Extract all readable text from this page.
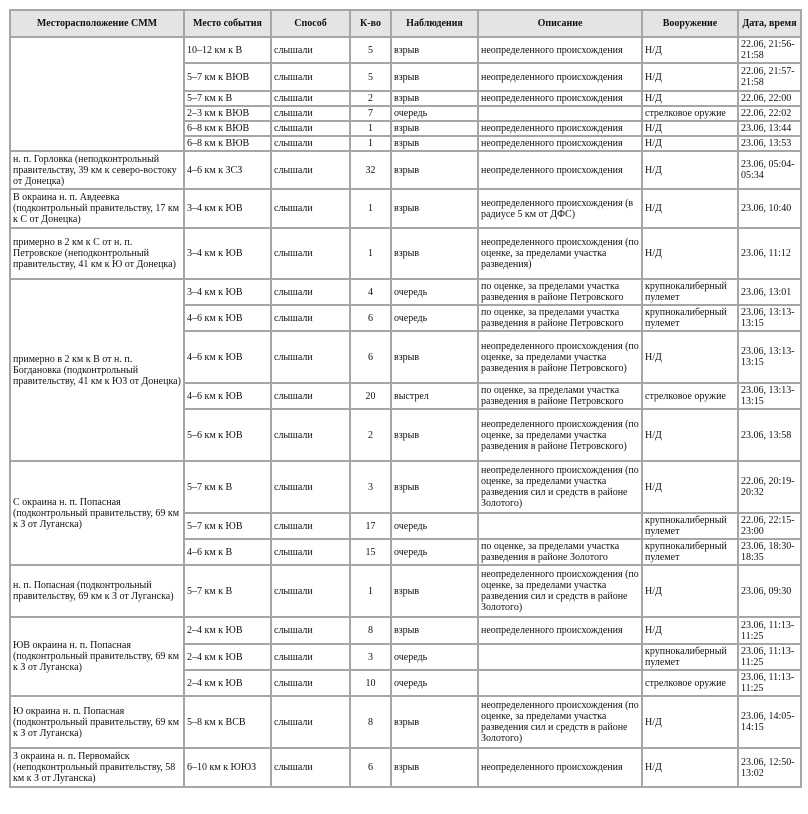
Месторасположение СММ	Место события	Способ	К-во	Наблюдения	Описание	Вооружение	Дата, время
	10–12 км к В	слышали	5	взрыв	неопределенного происхождения	Н/Д	22.06, 21:56-21:58
	5–7 км к ВЮВ	слышали	5	взрыв	неопределенного происхождения	Н/Д	22.06, 21:57-21:58
	5–7 км к В	слышали	2	взрыв	неопределенного происхождения	Н/Д	22.06, 22:00
	2–3 км к ВЮВ	слышали	7	очередь		стрелковое оружие	22.06, 22:02
	6–8 км к ВЮВ	слышали	1	взрыв	неопределенного происхождения	Н/Д	23.06, 13:44
	6–8 км к ВЮВ	слышали	1	взрыв	неопределенного происхождения	Н/Д	23.06, 13:53
н. п. Горловка (неподконтрольный правительству, 39 км к северо-востоку от Донецка)	4–6 км к ЗСЗ	слышали	32	взрыв	неопределенного происхождения	Н/Д	23.06, 05:04-05:34
В окраина н. п. Авдеевка (подконтрольный правительству, 17 км к С от Донецка)	3–4 км к ЮВ	слышали	1	взрыв	неопределенного происхождения (в радиусе 5 км от ДФС)	Н/Д	23.06, 10:40
примерно в 2 км к С от н. п. Петровское (неподконтрольный правительству, 41 км к Ю от Донецка)	3–4 км к ЮВ	слышали	1	взрыв	неопределенного происхождения (по оценке, за пределами участка разведения)	Н/Д	23.06, 11:12
примерно в 2 км к В от н. п. Богдановка (подконтрольный правительству, 41 км к ЮЗ от Донецка)	3–4 км к ЮВ	слышали	4	очередь	по оценке, за пределами участка разведения в районе Петровского	крупнокалиберный пулемет	23.06, 13:01
	4–6 км к ЮВ	слышали	6	очередь	по оценке, за пределами участка разведения в районе Петровского	крупнокалиберный пулемет	23.06, 13:13-13:15
	4–6 км к ЮВ	слышали	6	взрыв	неопределенного происхождения (по оценке, за пределами участка разведения в районе Петровского)	Н/Д	23.06, 13:13-13:15
	4–6 км к ЮВ	слышали	20	выстрел	по оценке, за пределами участка разведения в районе Петровского	стрелковое оружие	23.06, 13:13-13:15
	5–6 км к ЮВ	слышали	2	взрыв	неопределенного происхождения (по оценке, за пределами участка разведения в районе Петровского)	Н/Д	23.06, 13:58
С окраина н. п. Попасная (подконтрольный правительству, 69 км к З от Луганска)	5–7 км к В	слышали	3	взрыв	неопределенного происхождения (по оценке, за пределами участка разведения сил и средств в районе Золотого)	Н/Д	22.06, 20:19-20:32
	5–7 км к ЮВ	слышали	17	очередь		крупнокалиберный пулемет	22.06, 22:15-23:00
	4–6 км к В	слышали	15	очередь	по оценке, за пределами участка разведения в районе Золотого	крупнокалиберный пулемет	23.06, 18:30-18:35
н. п. Попасная (подконтрольный правительству, 69 км к З от Луганска)	5–7 км к В	слышали	1	взрыв	неопределенного происхождения (по оценке, за пределами участка разведения сил и средств в районе Золотого)	Н/Д	23.06, 09:30
ЮВ окраина н. п. Попасная (подконтрольный правительству, 69 км к З от Луганска)	2–4 км к ЮВ	слышали	8	взрыв	неопределенного происхождения	Н/Д	23.06, 11:13-11:25
	2–4 км к ЮВ	слышали	3	очередь		крупнокалиберный пулемет	23.06, 11:13-11:25
	2–4 км к ЮВ	слышали	10	очередь		стрелковое оружие	23.06, 11:13-11:25
Ю окраина н. п. Попасная (подконтрольный правительству, 69 км к З от Луганска)	5–8 км к ВСВ	слышали	8	взрыв	неопределенного происхождения (по оценке, за пределами участка разведения сил и средств в районе Золотого)	Н/Д	23.06, 14:05-14:15
З окраина н. п. Первомайск (неподконтрольный правительству, 58 км к З от Луганска)	6–10 км к ЮЮЗ	слышали	6	взрыв	неопределенного происхождения	Н/Д	23.06, 12:50-13:02
